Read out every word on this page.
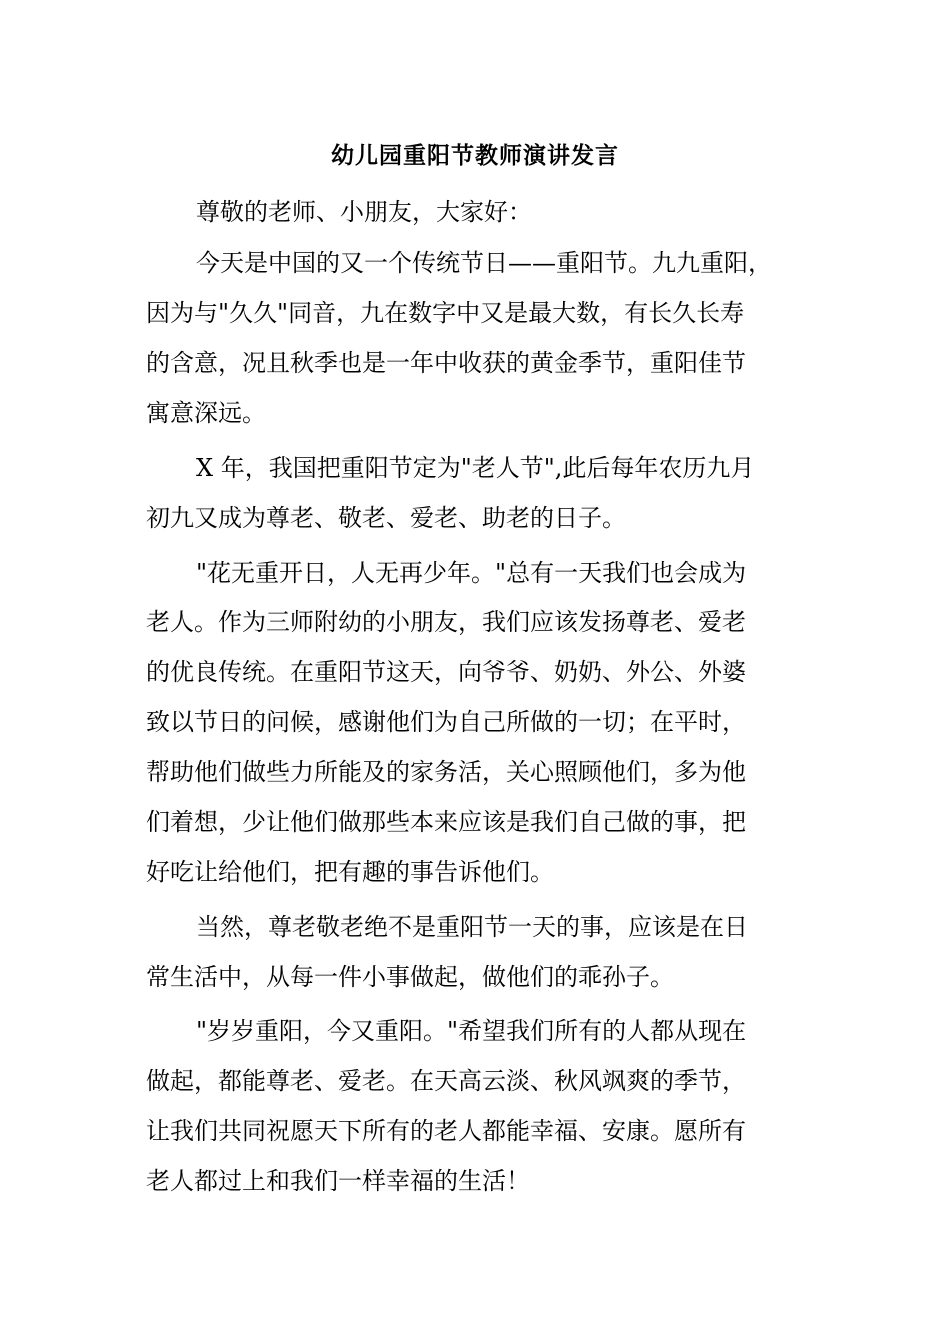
幼儿园重阳节教师演讲发言
尊敬的老师、小朋友，大家好：
今天是中国的又一个传统节日——重阳节。九九重阳，
因为与"久久"同音，九在数字中又是最大数，有长久长寿
的含意，况且秋季也是一年中收获的黄金季节，重阳佳节
寓意深远。
X 年，我国把重阳节定为"老人节",此后每年农历九月
初九又成为尊老、敬老、爱老、助老的日子。
"花无重开日，人无再少年。"总有一天我们也会成为
老人。作为三师附幼的小朋友，我们应该发扬尊老、爱老
的优良传统。在重阳节这天，向爷爷、奶奶、外公、外婆
致以节日的问候，感谢他们为自己所做的一切；在平时，
帮助他们做些力所能及的家务活，关心照顾他们，多为他
们着想，少让他们做那些本来应该是我们自己做的事，把
好吃让给他们，把有趣的事告诉他们。
当然，尊老敬老绝不是重阳节一天的事，应该是在日
常生活中，从每一件小事做起，做他们的乖孙子。
"岁岁重阳，今又重阳。"希望我们所有的人都从现在
做起，都能尊老、爱老。在天高云淡、秋风飒爽的季节，
让我们共同祝愿天下所有的老人都能幸福、安康。愿所有
老人都过上和我们一样幸福的生活！
